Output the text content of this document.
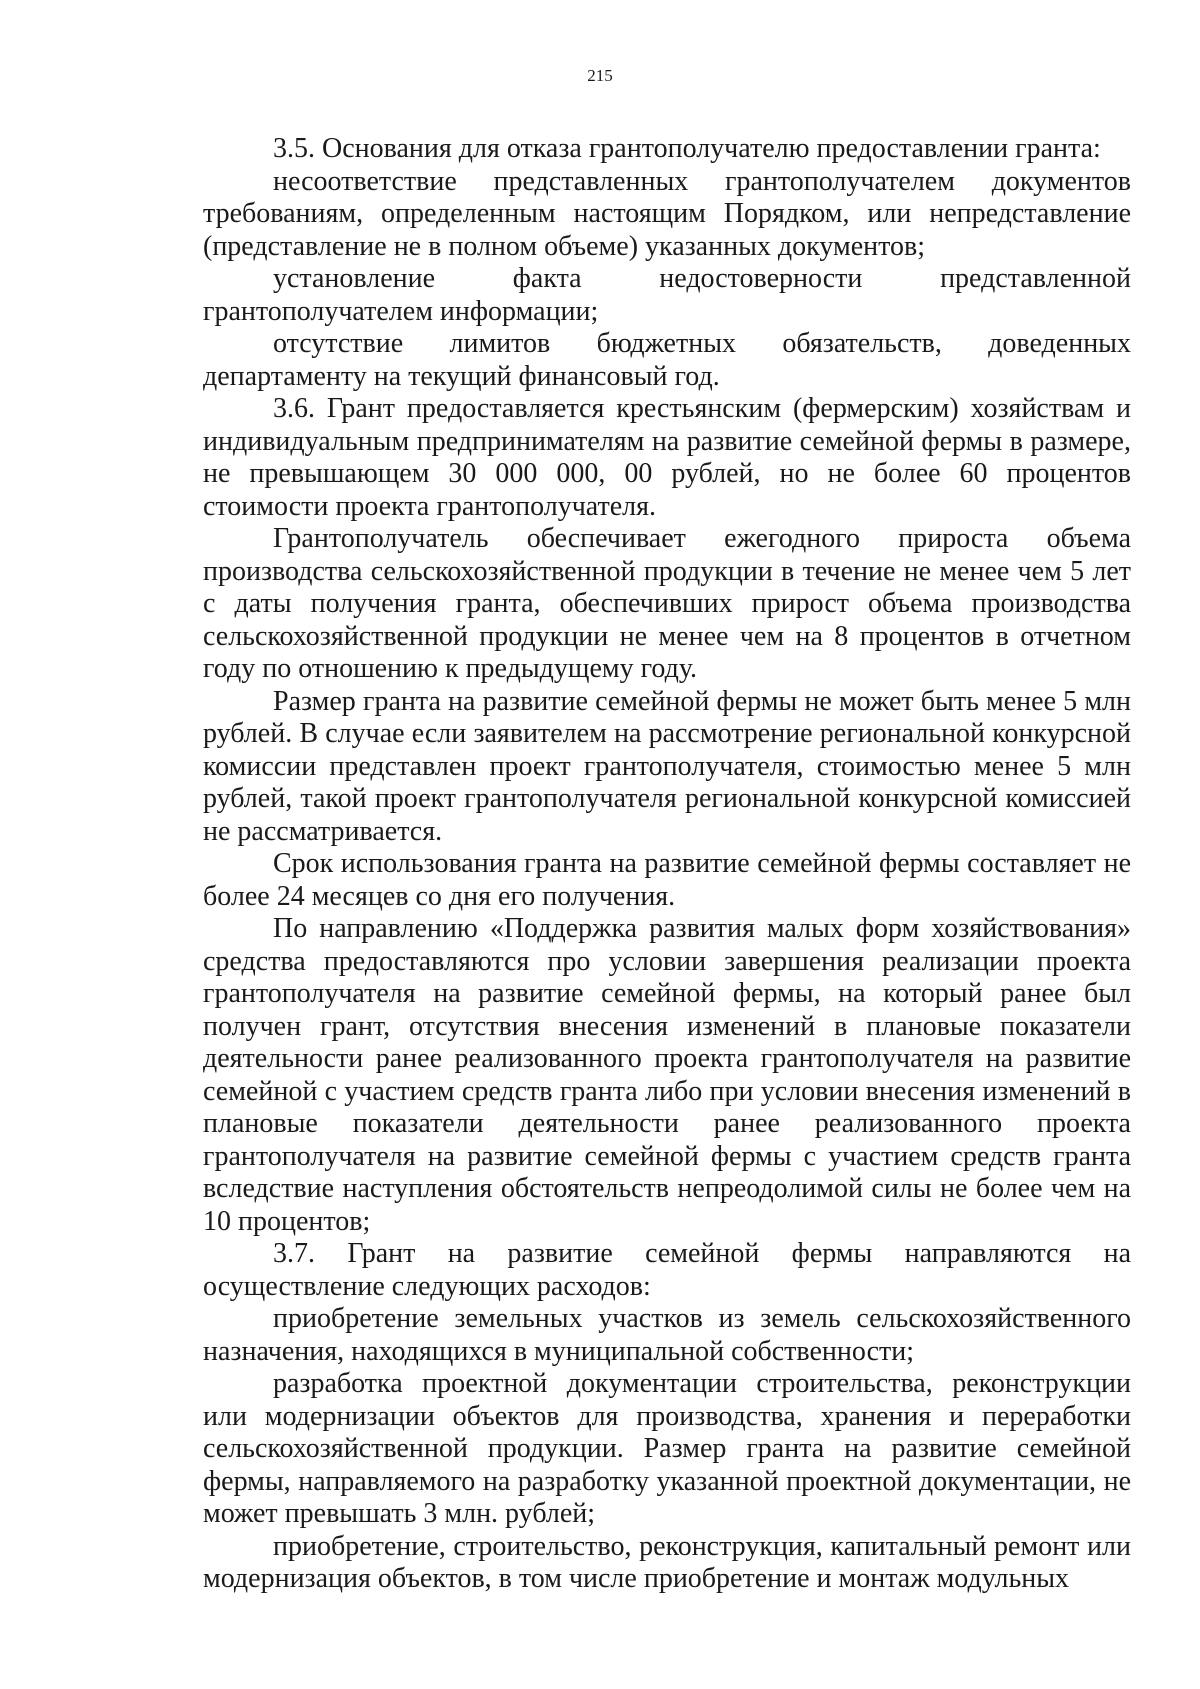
215

3.5. Основания для отказа грантополучателю предоставлении гранта:

несоответствие представленных грантополучателем документов требованиям, определенным настоящим Порядком, или непредставление (представление не в полном объеме) указанных документов;

установление факта недостоверности представленной грантополучателем информации;

отсутствие лимитов бюджетных обязательств, доведенных департаменту на текущий финансовый год.

3.6. Грант предоставляется крестьянским (фермерским) хозяйствам и индивидуальным предпринимателям на развитие семейной фермы в размере, не превышающем 30 000 000, 00 рублей, но не более 60 процентов стоимости проекта грантополучателя.

Грантополучатель обеспечивает ежегодного прироста объема производства сельскохозяйственной продукции в течение не менее чем 5 лет с даты получения гранта, обеспечивших прирост объема производства сельскохозяйственной продукции не менее чем на 8 процентов в отчетном году по отношению к предыдущему году.

Размер гранта на развитие семейной фермы не может быть менее 5 млн рублей. В случае если заявителем на рассмотрение региональной конкурсной комиссии представлен проект грантополучателя, стоимостью менее 5 млн рублей, такой проект грантополучателя региональной конкурсной комиссией не рассматривается.

Срок использования гранта на развитие семейной фермы составляет не более 24 месяцев со дня его получения.

По направлению «Поддержка развития малых форм хозяйствования» средства предоставляются про условии завершения реализации проекта грантополучателя на развитие семейной фермы, на который ранее был получен грант, отсутствия внесения изменений в плановые показатели деятельности ранее реализованного проекта грантополучателя на развитие семейной с участием средств гранта либо при условии внесения изменений в плановые показатели деятельности ранее реализованного проекта грантополучателя на развитие семейной фермы с участием средств гранта вследствие наступления обстоятельств непреодолимой силы не более чем на 10 процентов;

3.7. Грант на развитие семейной фермы направляются на осуществление следующих расходов:

приобретение земельных участков из земель сельскохозяйственного назначения, находящихся в муниципальной собственности;

разработка проектной документации строительства, реконструкции или модернизации объектов для производства, хранения и переработки сельскохозяйственной продукции. Размер гранта на развитие семейной фермы, направляемого на разработку указанной проектной документации, не может превышать 3 млн. рублей;

приобретение, строительство, реконструкция, капитальный ремонт или модернизация объектов, в том числе приобретение и монтаж модульных
